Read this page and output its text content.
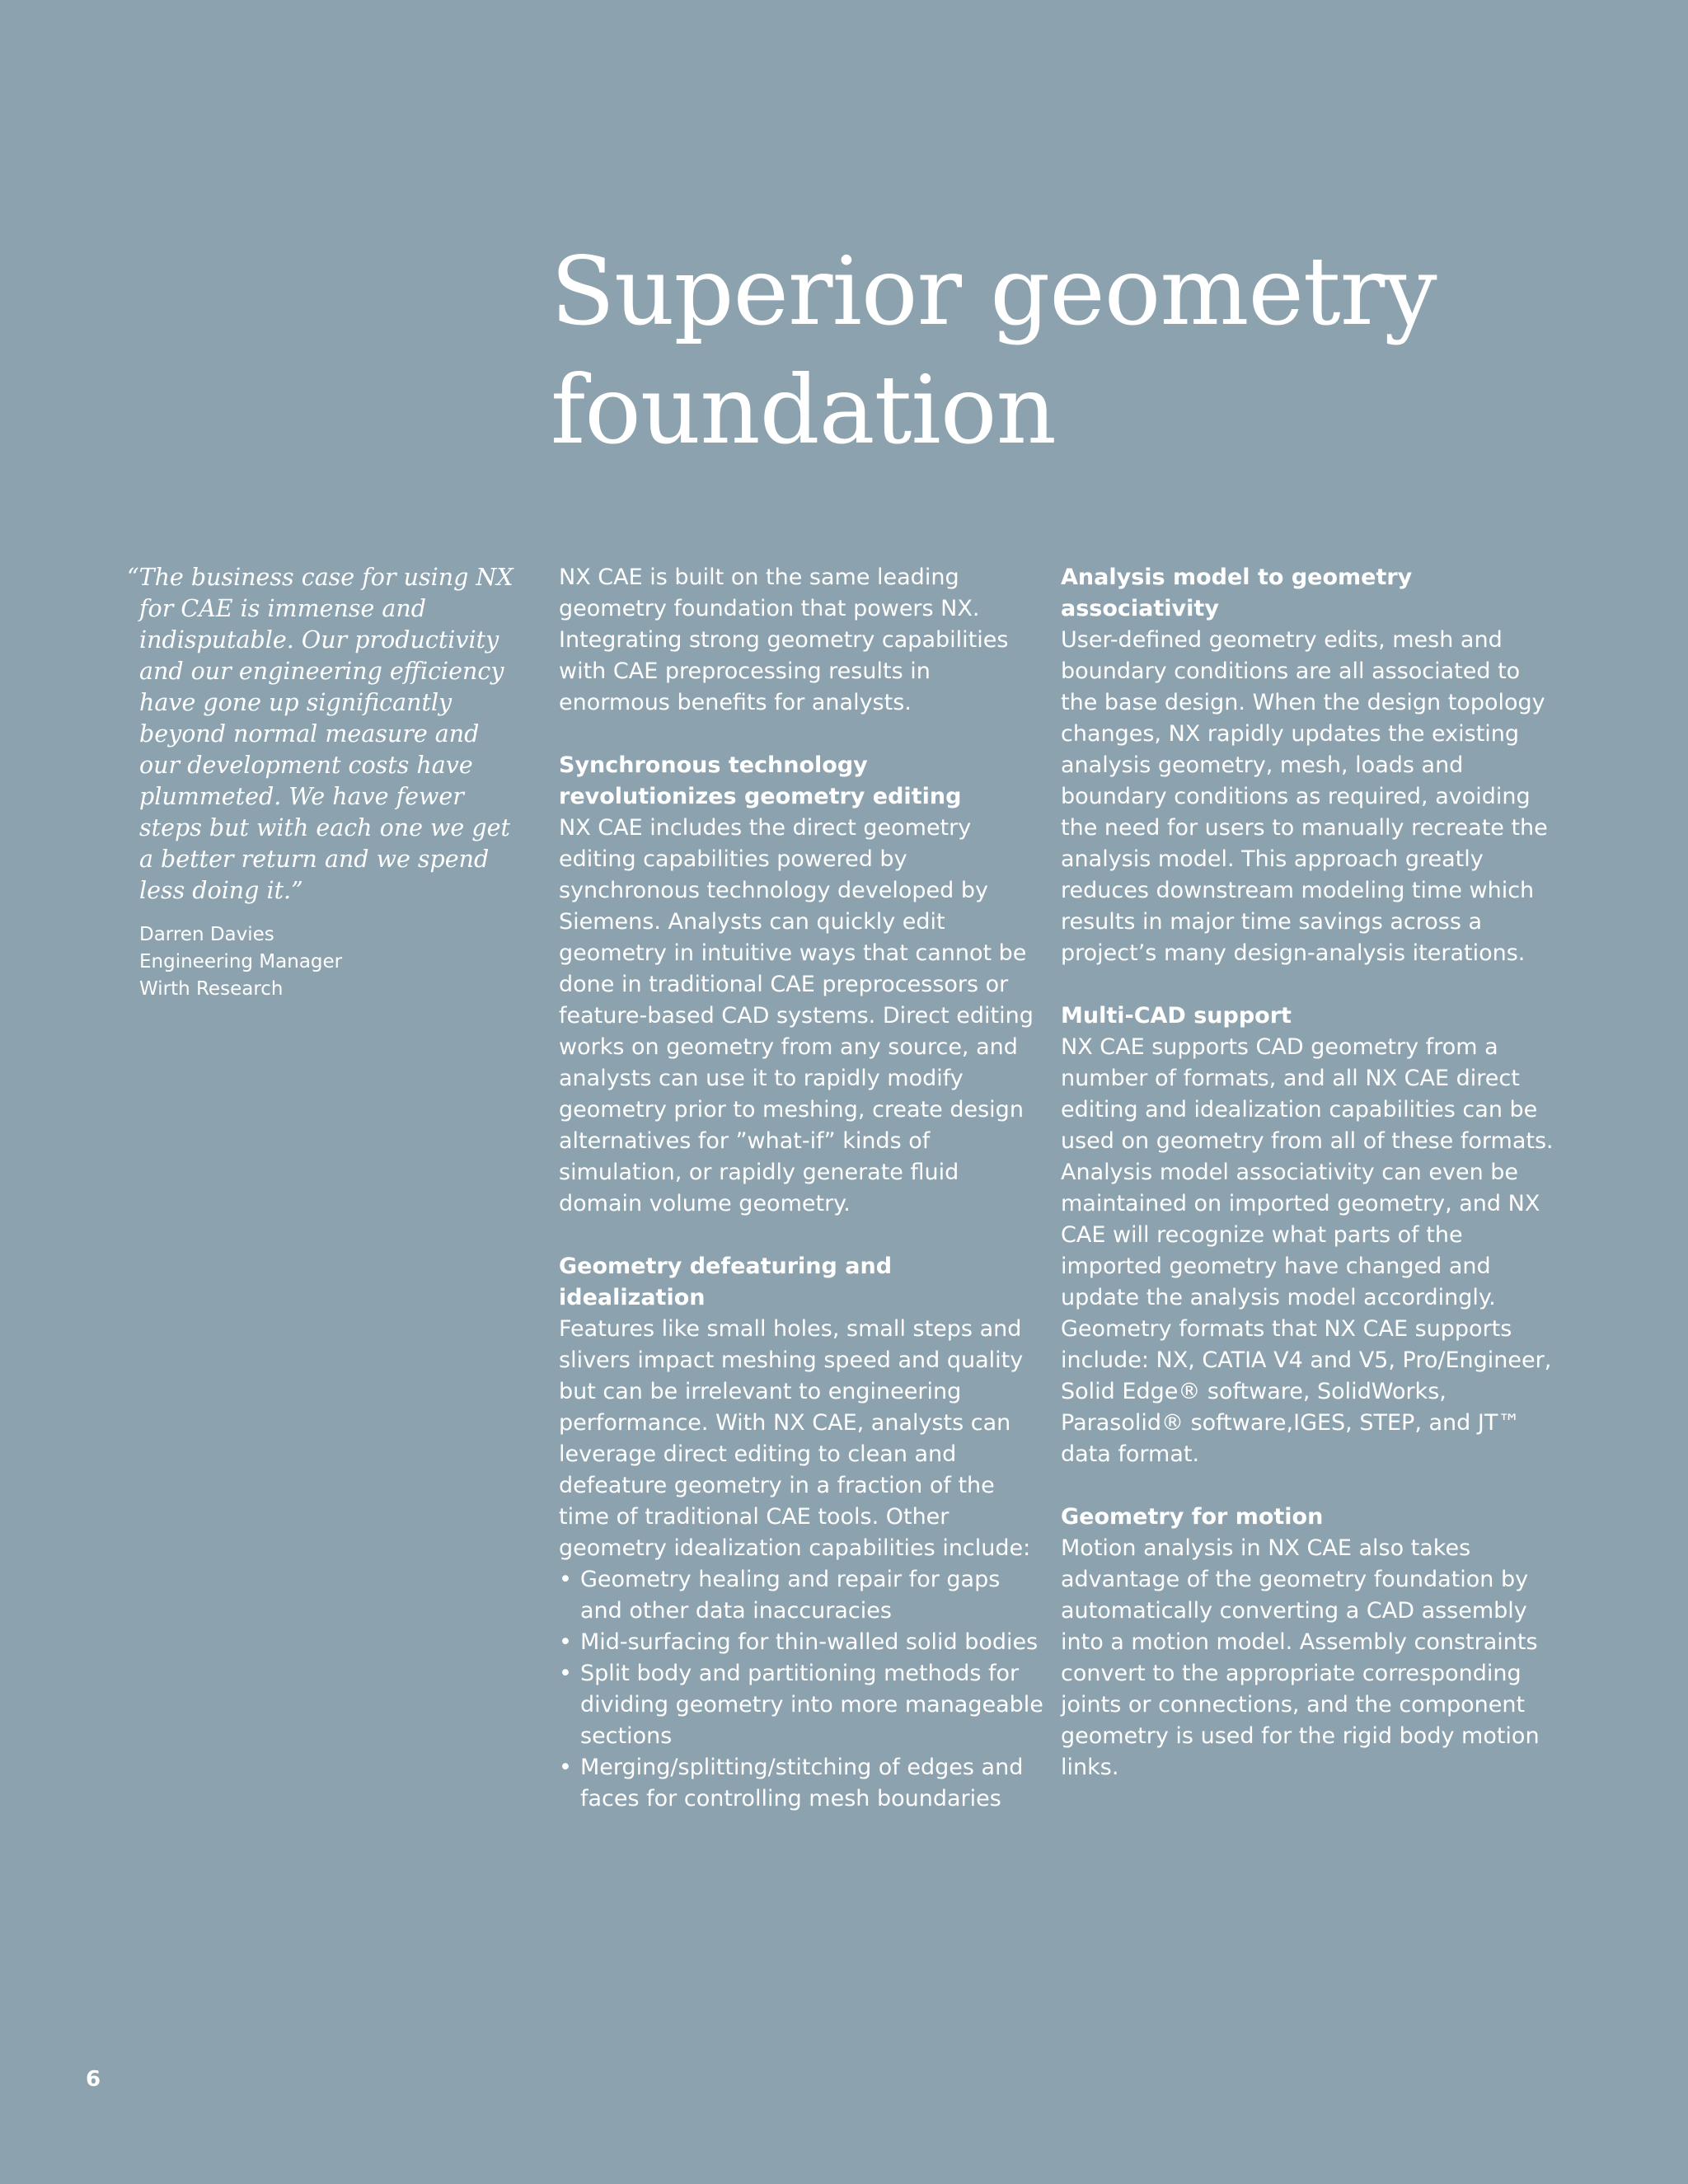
Superior geometry
foundation

“The business case for using NX for CAE is immense and indisputable. Our productivity and our engineering efficiency have gone up significantly beyond normal measure and our development costs have plummeted. We have fewer steps but with each one we get a better return and we spend less doing it.”

Darren Davies
Engineering Manager
Wirth Research

NX CAE is built on the same leading geometry foundation that powers NX. Integrating strong geometry capabilities with CAE preprocessing results in enormous benefits for analysts.

Synchronous technology revolutionizes geometry editing
NX CAE includes the direct geometry editing capabilities powered by synchronous technology developed by Siemens. Analysts can quickly edit geometry in intuitive ways that cannot be done in traditional CAE preprocessors or feature-based CAD systems. Direct editing works on geometry from any source, and analysts can use it to rapidly modify geometry prior to meshing, create design alternatives for ”what-if” kinds of simulation, or rapidly generate fluid domain volume geometry.
Geometry defeaturing and idealization
Features like small holes, small steps and slivers impact meshing speed and quality but can be irrelevant to engineering performance. With NX CAE, analysts can leverage direct editing to clean and defeature geometry in a fraction of the time of traditional CAE tools. Other geometry idealization capabilities include:
• Geometry healing and repair for gaps and other data inaccuracies
• Mid-surfacing for thin-walled solid bodies
• Split body and partitioning methods for dividing geometry into more manageable sections
• Merging/splitting/stitching of edges and faces for controlling mesh boundaries
Analysis model to geometry associativity
User-defined geometry edits, mesh and boundary conditions are all associated to the base design. When the design topology changes, NX rapidly updates the existing analysis geometry, mesh, loads and boundary conditions as required, avoiding the need for users to manually recreate the analysis model. This approach greatly reduces downstream modeling time which results in major time savings across a project’s many design-analysis iterations.
Multi-CAD support
NX CAE supports CAD geometry from a number of formats, and all NX CAE direct editing and idealization capabilities can be used on geometry from all of these formats. Analysis model associativity can even be maintained on imported geometry, and NX CAE will recognize what parts of the imported geometry have changed and update the analysis model accordingly. Geometry formats that NX CAE supports include: NX, CATIA V4 and V5, Pro/Engineer, Solid Edge® software, SolidWorks, Parasolid® software,IGES, STEP, and JT™ data format.
Geometry for motion
Motion analysis in NX CAE also takes advantage of the geometry foundation by automatically converting a CAD assembly into a motion model. Assembly constraints convert to the appropriate corresponding joints or connections, and the component geometry is used for the rigid body motion links.
6
